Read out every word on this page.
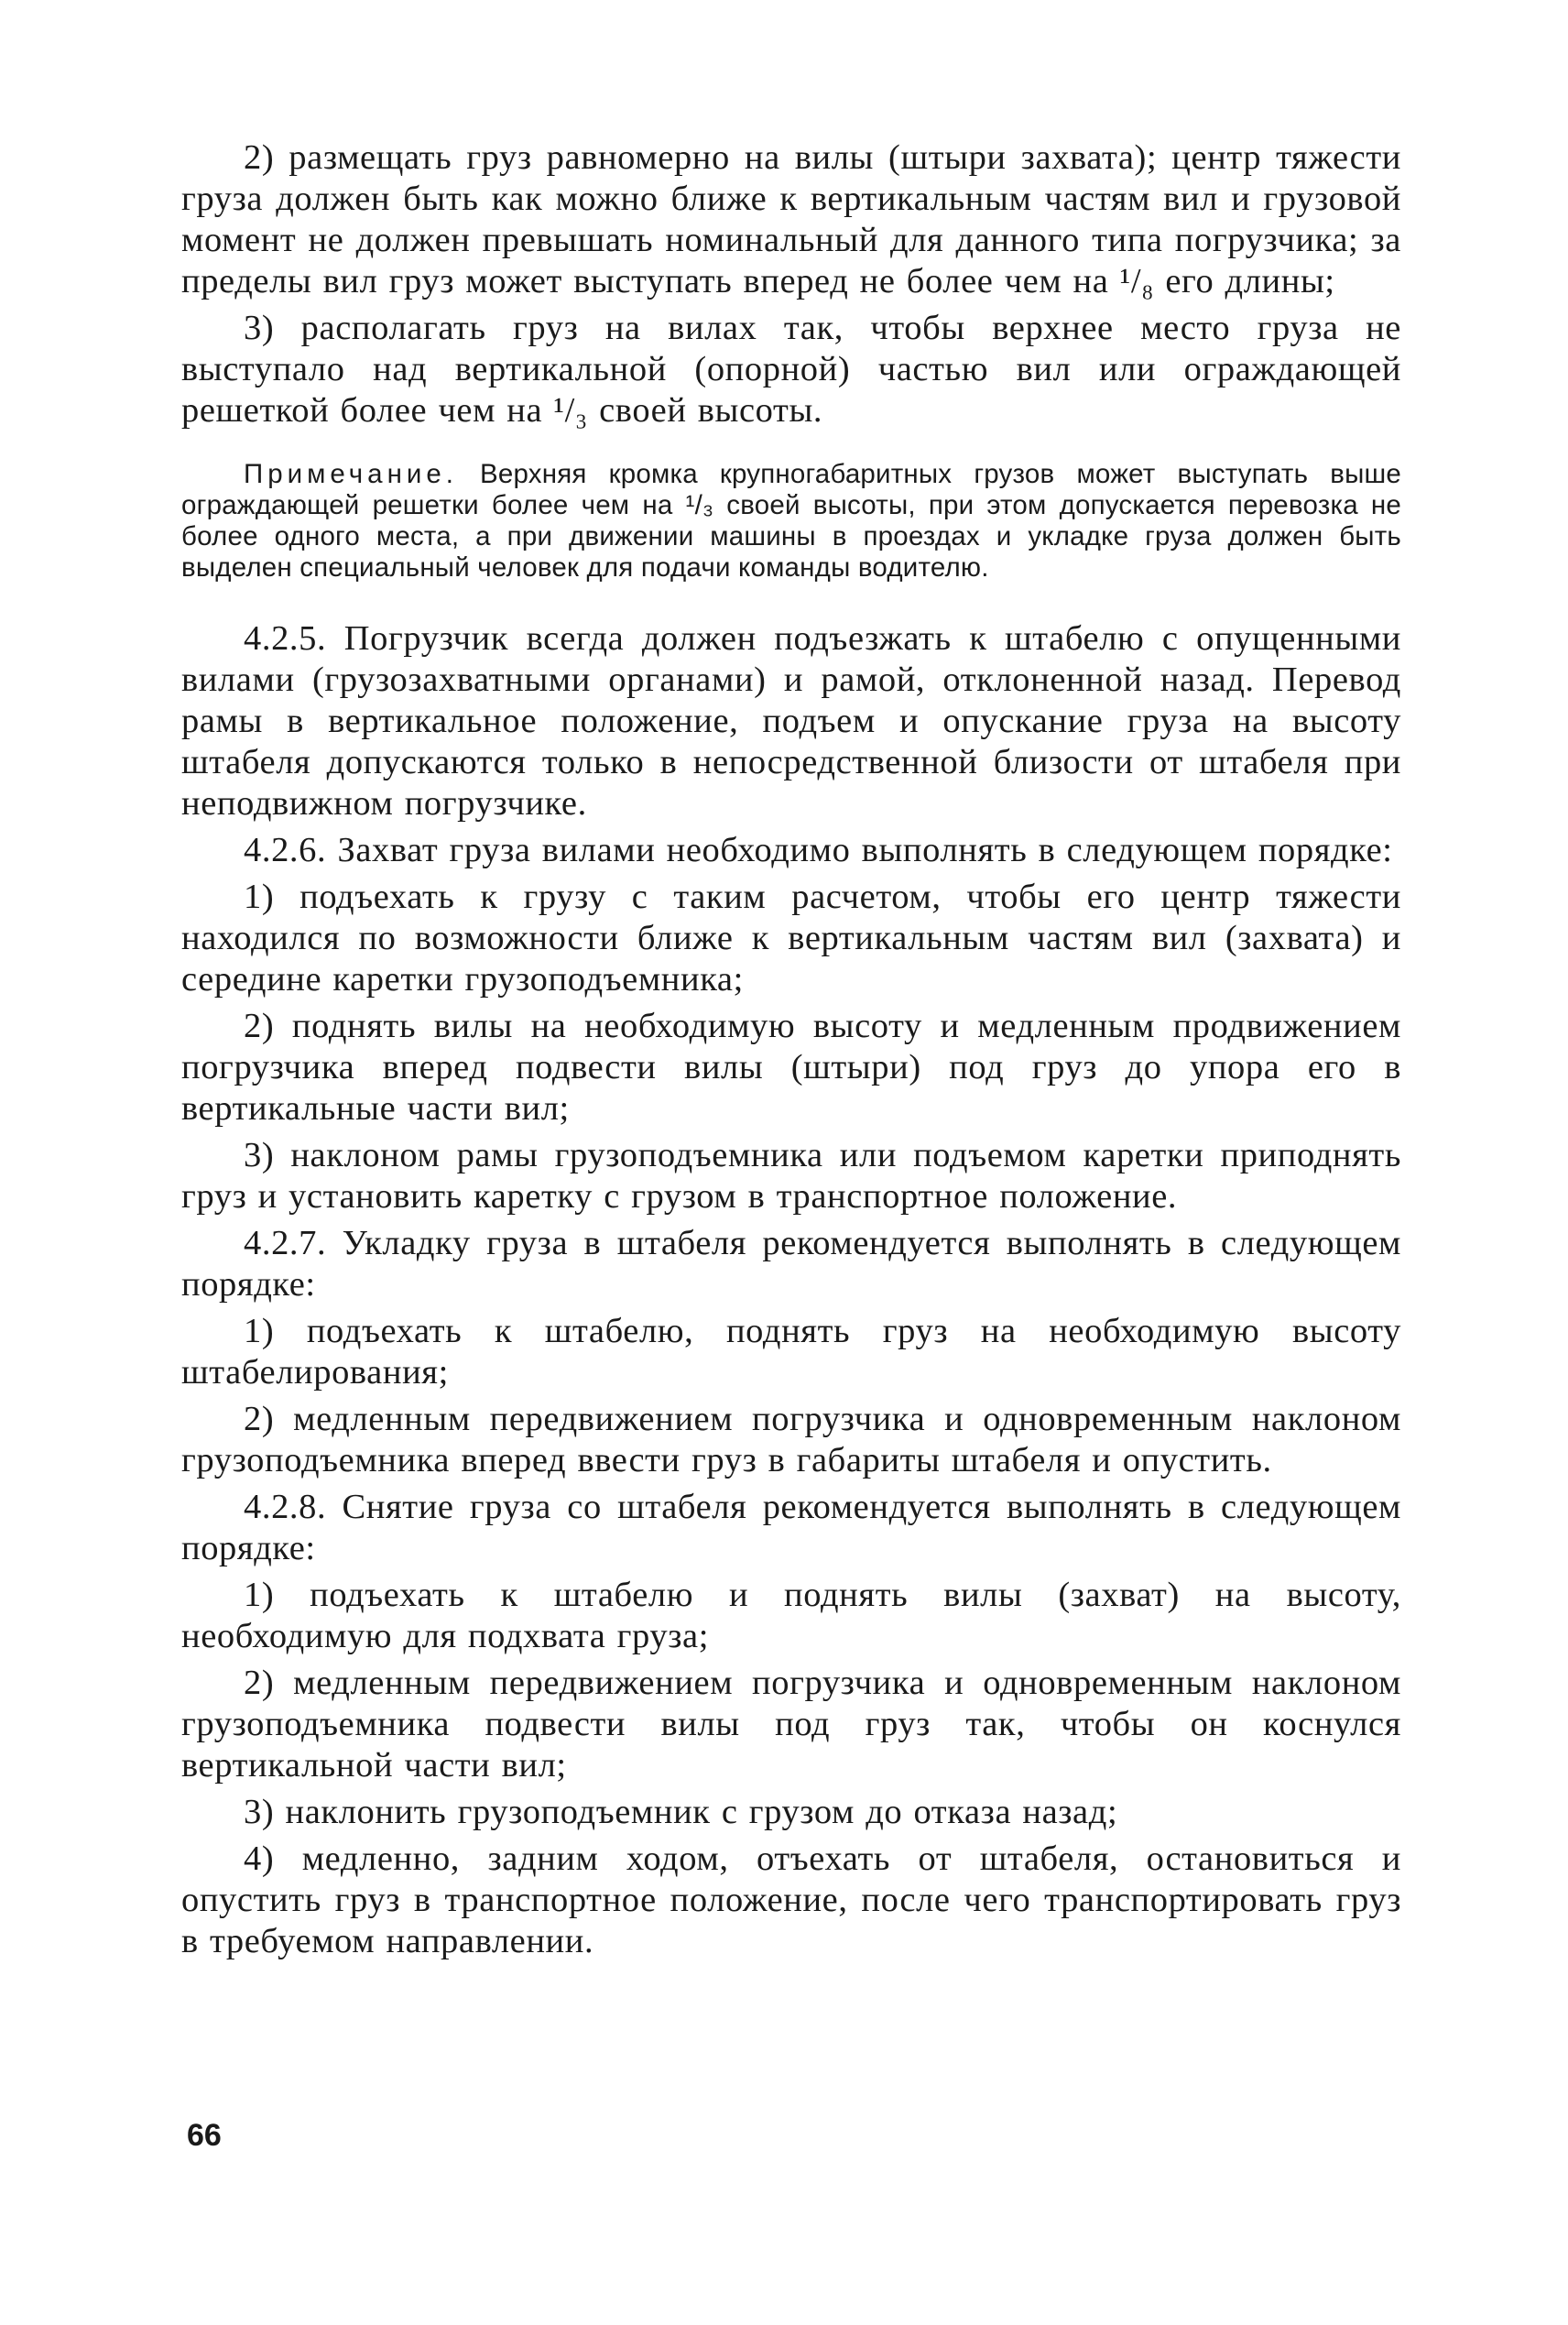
2) размещать груз равномерно на вилы (штыри захвата); центр тяжести груза должен быть как можно ближе к вертикальным частям вил и грузовой момент не должен превышать номинальный для данного типа погрузчика; за пределы вил груз может выступать вперед не более чем на ¹/₈ его длины;

3) располагать груз на вилах так, чтобы верхнее место груза не выступало над вертикальной (опорной) частью вил или ограждающей решеткой более чем на ¹/₃ своей высоты.

Примечание. Верхняя кромка крупногабаритных грузов может выступать выше ограждающей решетки более чем на ¹/₃ своей высоты, при этом допускается перевозка не более одного места, а при движении машины в проездах и укладке груза должен быть выделен специальный человек для подачи команды водителю.

4.2.5. Погрузчик всегда должен подъезжать к штабелю с опущенными вилами (грузозахватными органами) и рамой, отклоненной назад. Перевод рамы в вертикальное положение, подъем и опускание груза на высоту штабеля допускаются только в непосредственной близости от штабеля при неподвижном погрузчике.

4.2.6. Захват груза вилами необходимо выполнять в следующем порядке:

1) подъехать к грузу с таким расчетом, чтобы его центр тяжести находился по возможности ближе к вертикальным частям вил (захвата) и середине каретки грузоподъемника;

2) поднять вилы на необходимую высоту и медленным продвижением погрузчика вперед подвести вилы (штыри) под груз до упора его в вертикальные части вил;

3) наклоном рамы грузоподъемника или подъемом каретки приподнять груз и установить каретку с грузом в транспортное положение.

4.2.7. Укладку груза в штабеля рекомендуется выполнять в следующем порядке:

1) подъехать к штабелю, поднять груз на необходимую высоту штабелирования;

2) медленным передвижением погрузчика и одновременным наклоном грузоподъемника вперед ввести груз в габариты штабеля и опустить.

4.2.8. Снятие груза со штабеля рекомендуется выполнять в следующем порядке:

1) подъехать к штабелю и поднять вилы (захват) на высоту, необходимую для подхвата груза;

2) медленным передвижением погрузчика и одновременным наклоном грузоподъемника подвести вилы под груз так, чтобы он коснулся вертикальной части вил;

3) наклонить грузоподъемник с грузом до отказа назад;

4) медленно, задним ходом, отъехать от штабеля, остановиться и опустить груз в транспортное положение, после чего транспортировать груз в требуемом направлении.

66
